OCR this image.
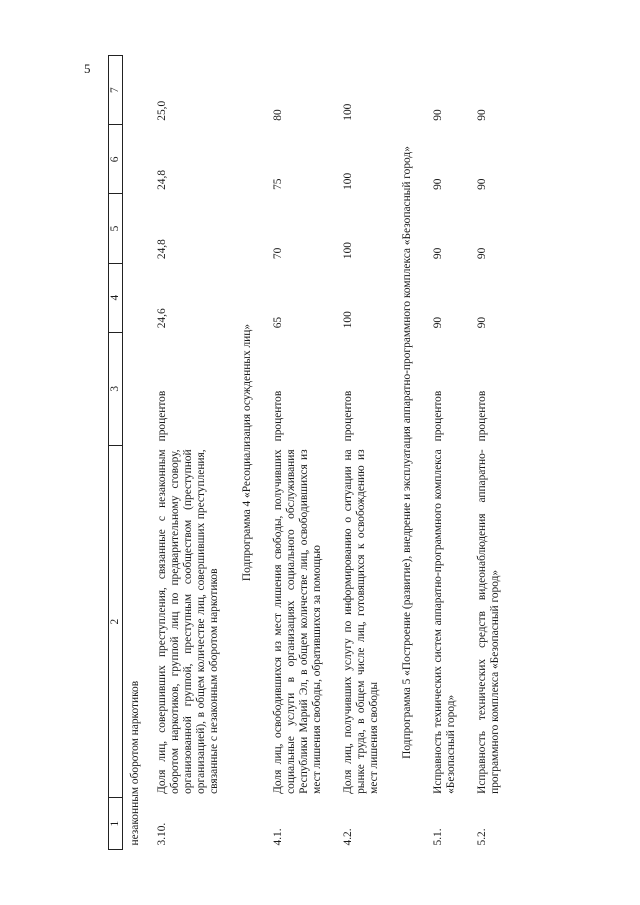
5
1	2	3	4	5	6	7
незаконным оборотом наркотиков						
3.10.	Доля лиц, совершивших преступления, связанные с незаконным оборотом наркотиков, группой лиц по предварительному сговору, организованной группой, преступным сообществом (преступной организацией), в общем количестве лиц, совершивших преступления, связанные с незаконным оборотом наркотиков	процентов	24,6	24,8	24,8	25,0
Подпрограмма 4 «Ресоциализация осужденных лиц»						
4.1.	Доля лиц, освободившихся из мест лишения свободы, получивших социальные услуги в организациях социального обслуживания Республики Марий Эл, в общем количестве лиц, освободившихся из мест лишения свободы, обратившихся за помощью	процентов	65	70	75	80
4.2.	Доля лиц, получивших услугу по информированию о ситуации на рынке труда, в общем числе лиц, готовящихся к освобождению из мест лишения свободы	процентов	100	100	100	100
Подпрограмма 5 «Построение (развитие), внедрение и эксплуатация аппаратно-программного комплекса «Безопасный город»						
5.1.	Исправность технических систем аппаратно-программного комплекса «Безопасный город»	процентов	90	90	90	90
5.2.	Исправность технических средств видеонаблюдения аппаратно-программного комплекса «Безопасный город»	процентов	90	90	90	90
